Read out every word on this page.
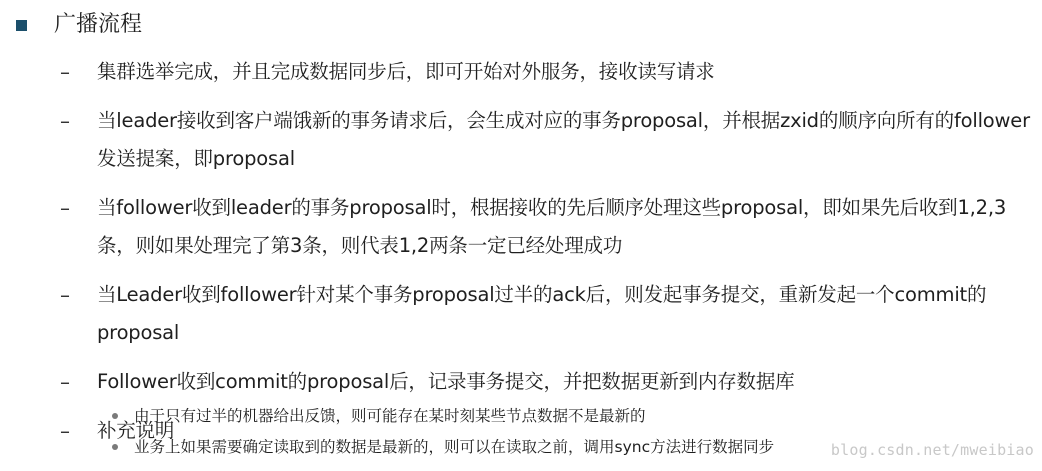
广播流程
–	集群选举完成，并且完成数据同步后，即可开始对外服务，接收读写请求
–	当leader接收到客户端饿新的事务请求后，会生成对应的事务proposal，并根据zxid的顺序向所有的follower发送提案，即proposal
–	当follower收到leader的事务proposal时，根据接收的先后顺序处理这些proposal，即如果先后收到1,2,3条，则如果处理完了第3条，则代表1,2两条一定已经处理成功
–	当Leader收到follower针对某个事务proposal过半的ack后，则发起事务提交，重新发起一个commit的proposal
–	Follower收到commit的proposal后，记录事务提交，并把数据更新到内存数据库
–	补充说明
由于只有过半的机器给出反馈，则可能存在某时刻某些节点数据不是最新的
业务上如果需要确定读取到的数据是最新的，则可以在读取之前，调用sync方法进行数据同步	blog.csdn.net/mweibiao
